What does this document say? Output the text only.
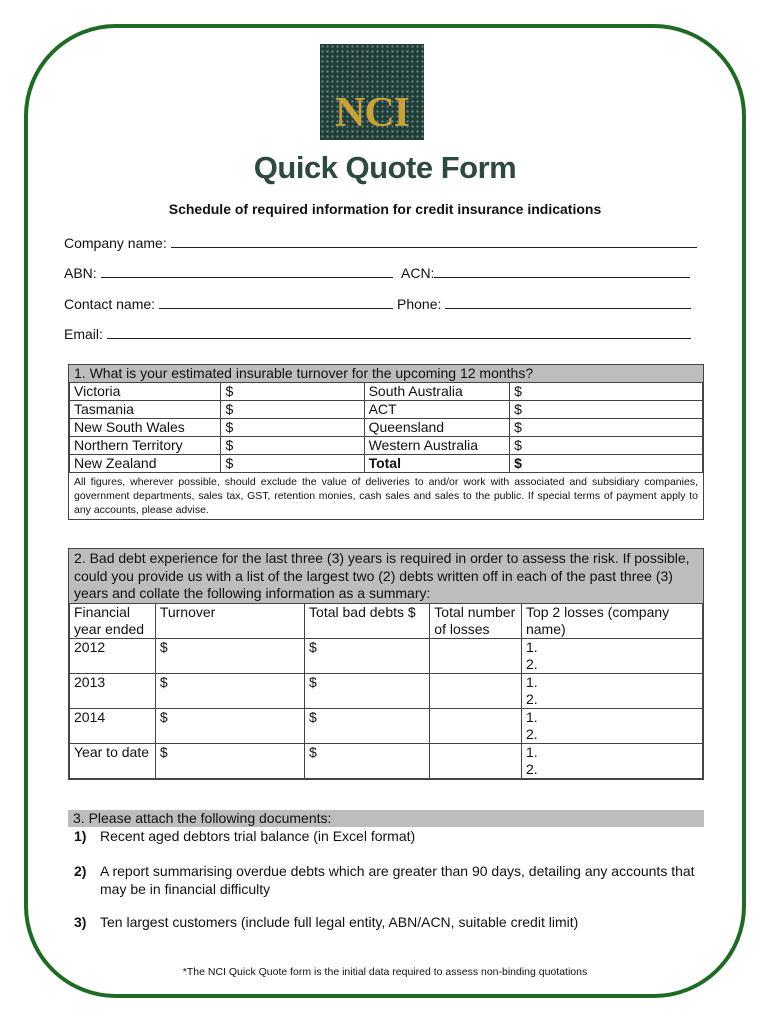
NCI
Quick Quote Form
Schedule of required information for credit insurance indications
Company name:
ABN:	ACN:
Contact name:	Phone:
Email:
1. What is your estimated insurable turnover for the upcoming 12 months?
Victoria	$	South Australia	$
Tasmania	$	ACT	$
New South Wales	$	Queensland	$
Northern Territory	$	Western Australia	$
New Zealand	$	Total	$
All figures, wherever possible, should exclude the value of deliveries to and/or work with associated and subsidiary companies, government departments, sales tax, GST, retention monies, cash sales and sales to the public. If special terms of payment apply to any accounts, please advise.
2. Bad debt experience for the last three (3) years is required in order to assess the risk. If possible, could you provide us with a list of the largest two (2) debts written off in each of the past three (3) years and collate the following information as a summary:
Financial year ended	Turnover	Total bad debts $	Total number of losses	Top 2 losses (company name)
2012	$	$		1.
2.

2013	$	$		1.
2.

2014	$	$		1.
2.

Year to date	$	$		1.
2.
3. Please attach the following documents:
1) Recent aged debtors trial balance (in Excel format)
2) A report summarising overdue debts which are greater than 90 days, detailing any accounts that may be in financial difficulty
3) Ten largest customers (include full legal entity, ABN/ACN, suitable credit limit)
*The NCI Quick Quote form is the initial data required to assess non-binding quotations
